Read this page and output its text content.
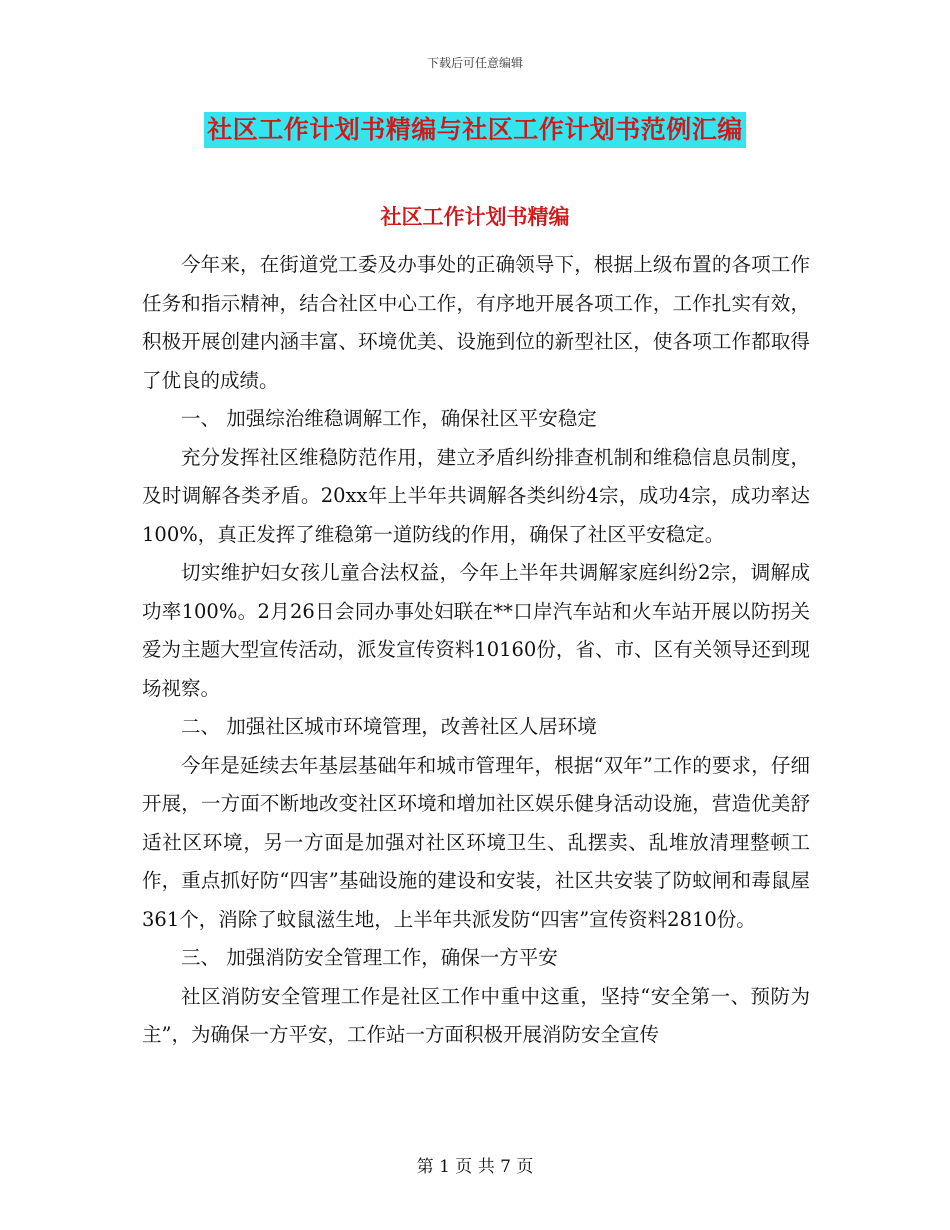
下载后可任意编辑
社区工作计划书精编与社区工作计划书范例汇编
社区工作计划书精编

今年来，在街道党工委及办事处的正确领导下，根据上级布置的各项工作任务和指示精神，结合社区中心工作，有序地开展各项工作，工作扎实有效，积极开展创建内涵丰富、环境优美、设施到位的新型社区，使各项工作都取得了优良的成绩。

一、 加强综治维稳调解工作，确保社区平安稳定

充分发挥社区维稳防范作用，建立矛盾纠纷排查机制和维稳信息员制度，及时调解各类矛盾。20xx年上半年共调解各类纠纷4宗，成功4宗，成功率达100%，真正发挥了维稳第一道防线的作用，确保了社区平安稳定。

切实维护妇女孩儿童合法权益，今年上半年共调解家庭纠纷2宗，调解成功率100%。2月26日会同办事处妇联在**口岸汽车站和火车站开展以防拐关爱为主题大型宣传活动，派发宣传资料10160份，省、市、区有关领导还到现场视察。

二、 加强社区城市环境管理，改善社区人居环境

今年是延续去年基层基础年和城市管理年，根据“双年”工作的要求，仔细开展，一方面不断地改变社区环境和增加社区娱乐健身活动设施，营造优美舒适社区环境，另一方面是加强对社区环境卫生、乱摆卖、乱堆放清理整顿工作，重点抓好防“四害”基础设施的建设和安装，社区共安装了防蚊闸和毒鼠屋361个，消除了蚊鼠滋生地，上半年共派发防“四害”宣传资料2810份。

三、 加强消防安全管理工作，确保一方平安

社区消防安全管理工作是社区工作中重中这重，坚持“安全第一、预防为主”，为确保一方平安，工作站一方面积极开展消防安全宣传

第 1 页 共 7 页
